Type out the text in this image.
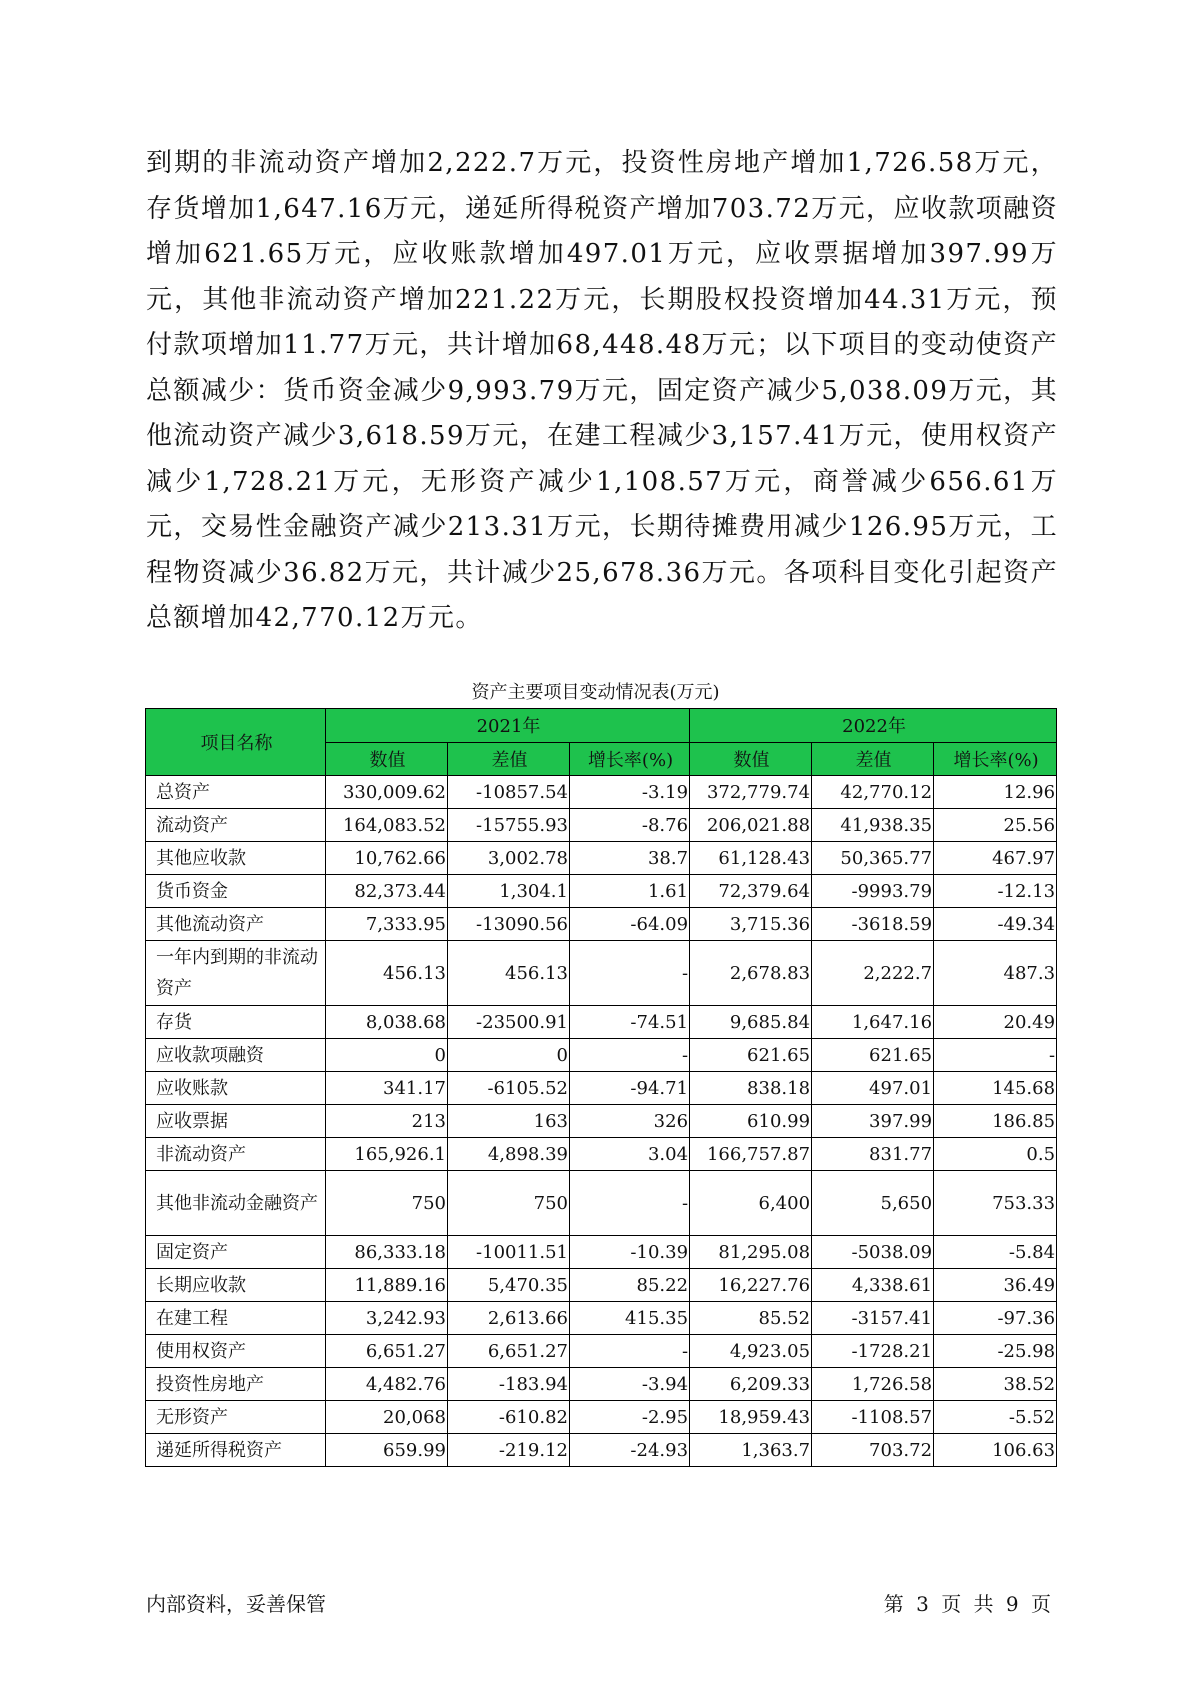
到期的非流动资产增加2,222.7万元，投资性房地产增加1,726.58万元，存货增加1,647.16万元，递延所得税资产增加703.72万元，应收款项融资增加621.65万元，应收账款增加497.01万元，应收票据增加397.99万元，其他非流动资产增加221.22万元，长期股权投资增加44.31万元，预付款项增加11.77万元，共计增加68,448.48万元；以下项目的变动使资产总额减少：货币资金减少9,993.79万元，固定资产减少5,038.09万元，其他流动资产减少3,618.59万元，在建工程减少3,157.41万元，使用权资产减少1,728.21万元，无形资产减少1,108.57万元，商誉减少656.61万元，交易性金融资产减少213.31万元，长期待摊费用减少126.95万元，工程物资减少36.82万元，共计减少25,678.36万元。各项科目变化引起资产总额增加42,770.12万元。

资产主要项目变动情况表(万元)
项目名称	2021年			2022年		
	数值	差值	增长率(%)	数值	差值	增长率(%)
总资产	330,009.62	-10857.54	-3.19	372,779.74	42,770.12	12.96
流动资产	164,083.52	-15755.93	-8.76	206,021.88	41,938.35	25.56
其他应收款	10,762.66	3,002.78	38.7	61,128.43	50,365.77	467.97
货币资金	82,373.44	1,304.1	1.61	72,379.64	-9993.79	-12.13
其他流动资产	7,333.95	-13090.56	-64.09	3,715.36	-3618.59	-49.34
一年内到期的非流动资产	456.13	456.13	-	2,678.83	2,222.7	487.3
存货	8,038.68	-23500.91	-74.51	9,685.84	1,647.16	20.49
应收款项融资	0	0	-	621.65	621.65	-
应收账款	341.17	-6105.52	-94.71	838.18	497.01	145.68
应收票据	213	163	326	610.99	397.99	186.85
非流动资产	165,926.1	4,898.39	3.04	166,757.87	831.77	0.5
其他非流动金融资产	750	750	-	6,400	5,650	753.33
固定资产	86,333.18	-10011.51	-10.39	81,295.08	-5038.09	-5.84
长期应收款	11,889.16	5,470.35	85.22	16,227.76	4,338.61	36.49
在建工程	3,242.93	2,613.66	415.35	85.52	-3157.41	-97.36
使用权资产	6,651.27	6,651.27	-	4,923.05	-1728.21	-25.98
投资性房地产	4,482.76	-183.94	-3.94	6,209.33	1,726.58	38.52
无形资产	20,068	-610.82	-2.95	18,959.43	-1108.57	-5.52
递延所得税资产	659.99	-219.12	-24.93	1,363.7	703.72	106.63
内部资料，妥善保管	第 3 页 共 9 页
